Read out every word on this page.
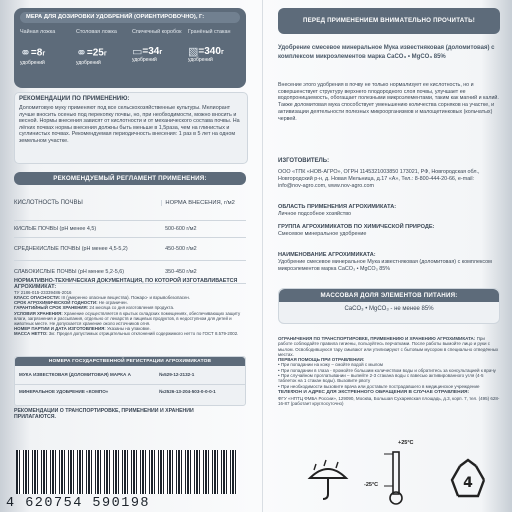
МЕРА ДЛЯ ДОЗИРОВКИ УДОБРЕНИЙ (ОРИЕНТИРОВОЧНО), Г:

Чайная ложка
⚭=8г
удобрений
Столовая ложка
⚭=25г
удобрений
Спичечный коробок
▭=34г
удобрений
Гранёный стакан
▧=340г
удобрений

РЕКОМЕНДАЦИИ ПО ПРИМЕНЕНИЮ:

Доломитовую муку применяют под все сельскохозяйственные культуры. Мелиорант лучше вносить осенью под перекопку почвы, но, при необходимости, можно вносить и весной. Нормы внесения зависят от кислотности и от механического состава почвы. На лёгких почвах нормы внесения должны быть меньше в 1,5раза, чем на глинистых и суглинистых почвах. Рекомендуемая периодичность внесения: 1 раз в 5 лет на одном земельном участке.

РЕКОМЕНДУЕМЫЙ РЕГЛАМЕНТ ПРИМЕНЕНИЯ:
КИСЛОТНОСТЬ ПОЧВЫ	НОРМА ВНЕСЕНИЯ, г/м2
КИСЛЫЕ ПОЧВЫ (pH менее 4,5)	500-600 г/м2
СРЕДНЕКИСЛЫЕ ПОЧВЫ (pH менее 4,5-5,2)	450-500 г/м2
СЛАБОКИСЛЫЕ ПОЧВЫ (pH менее 5,2-5,6)	350-450 г/м2

НОРМАТИВНО-ТЕХНИЧЕСКАЯ ДОКУМЕНТАЦИЯ, ПО КОТОРОЙ ИЗГОТАВЛИВАЕТСЯ АГРОХИМИКАТ:

ТУ 2186-015-23339486-2016

КЛАСС ОПАСНОСТИ: III (умеренно опасные вещества). Пожаро- и взрывобезопасен.

СРОК АГРОХИМИЧЕСКОЙ ГОДНОСТИ: Не ограничен.

ГАРАНТИЙНЫЙ СРОК ХРАНЕНИЯ: 24 месяца со дня изготовления продукта.

УСЛОВИЯ ХРАНЕНИЯ: Хранение осуществляется в крытых складских помещениях, обеспечивающих защиту влаги, загрязнения и рассыпания, отдельно от лекарств и пищевых продуктов, в недоступном для детей и животных месте. Не допускается хранение около источников огня.

НОМЕР ПАРТИИ И ДАТА ИЗГОТОВЛЕНИЯ: Указаны на упаковке.

МАССА НЕТТО: 3кг. Предел допустимых отрицательных отклонений содержимого нетто по ГОСТ 8.579-2002.

НОМЕРА ГОСУДАРСТВЕННОЙ РЕГИСТРАЦИИ АГРОХИМИКАТОВ
МУКА ИЗВЕСТКОВАЯ (ДОЛОМИТОВАЯ) МАРКА А	№529-12-2132-1
МИНЕРАЛЬНОЕ УДОБРЕНИЕ «КОМПО»	№2526-13-204-503-0-0-0-1

РЕКОМЕНДАЦИИ О ТРАНСПОРТИРОВКЕ, ПРИМЕНЕНИИ И ХРАНЕНИИ ПРИЛАГАЮТСЯ.

4 620754 590198
ПЕРЕД ПРИМЕНЕНИЕМ ВНИМАТЕЛЬНО ПРОЧИТАТЬ!

Удобрение смесевое минеральное Мука известняковая (доломитовая) с комплексом микроэлементов марка CaCO₃ • MgCO₃ 85%

Внесение этого удобрения в почву не только нормализует ее кислотность, но и совершенствует структуру верхнего плодородного слоя почвы, улучшает ее водопроницаемость, обогащает полезными микроэлементами, таким как магний и калий. Также доломитовая мука способствует уменьшению количества сорняков на участке, и активизации деятельности полезных микроорганизмов и малощетинковых (кольчатых) червей.

ИЗГОТОВИТЕЛЬ:

ООО «ТПК «НОВ-АГРО», ОГРН 1145321003850 173021, РФ, Новгородская обл., Новгородский р-н, д. Новая Мельница, д.17 «А», Тел.: 8-800-444-20-66, e-mail: info@nov-agro.com, www.nov-agro.com

ОБЛАСТЬ ПРИМЕНЕНИЯ АГРОХИМИКАТА:

Личное подсобное хозяйство

ГРУППА АГРОХИМИКАТОВ ПО ХИМИЧЕСКОЙ ПРИРОДЕ:

Смесевое минеральное удобрение

НАИМЕНОВАНИЕ АГРОХИМИКАТА:

Удобрение смесевое минеральное Мука известняковая (доломитовая) с комплексом микроэлементов марка CaCO₃ • MgCO₃ 85%

МАССОВАЯ ДОЛЯ ЭЛЕМЕНТОВ ПИТАНИЯ:

CaCO₃ • MgCO₃ - не менее 85%

ОГРАНИЧЕНИЯ ПО ТРАНСПОРТИРОВКЕ, ПРИМЕНЕНИЮ И ХРАНЕНИЮ АГРОХИМИКАТА: При работе соблюдайте правила гигиены, пользуйтесь перчатками. После работы вымойте лицо и руки с мылом. Освободившуюся тару смывают или утилизируют с бытовым мусором в специально отведённых местах.

ПЕРВАЯ ПОМОЩЬ ПРИ ОТРАВЛЕНИИ:

• При попадании на кожу – смойте водой с мылом

• При попадании в глаза - промойте большим количеством воды и обратитесь за консультацией к врачу

• При случайном проглатывании – выпейте 2-3 стакана воды с взвесью активированного угля (4-5 таблеток на 1 стакан воды). Вызовите рвоту

• При необходимости вызовите врача или доставьте пострадавшего в медицинское учреждение

ТЕЛЕФОН И АДРЕС ДЛЯ ЭКСТРЕННОГО ОБРАЩЕНИЯ В СЛУЧАЕ ОТРАВЛЕНИЯ:

ФГУ «НПТЦ ФМБА России», 129090, Москва, Большая Сухаревская площадь, д.3, корп. 7, тел. (495) 628-16-87 (работает круглосуточно)

+25°С
-25°С	4
